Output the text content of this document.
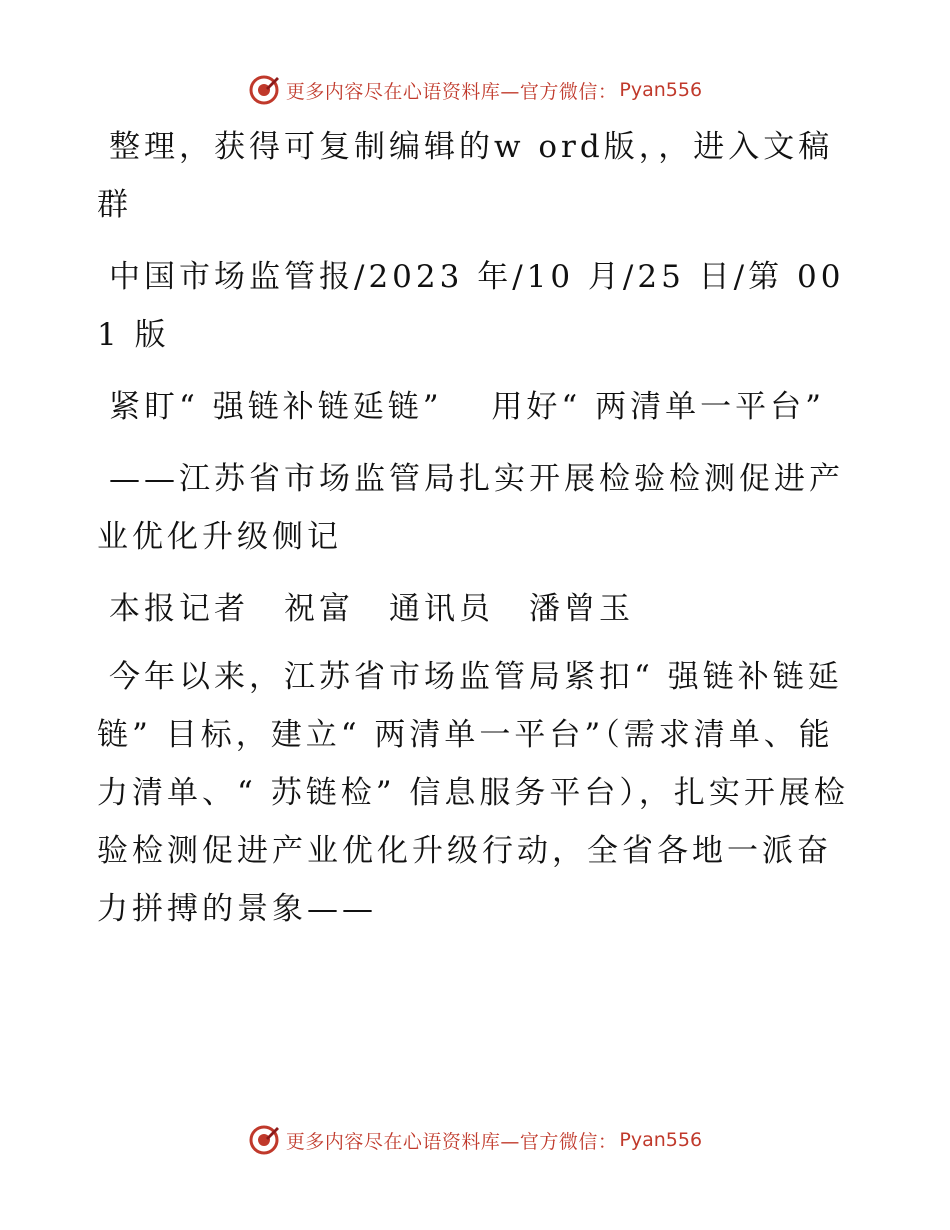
更多内容尽在心语资料库—官方微信： Pyan556

整理，获得可复制编辑的w ord版，，进入文稿群

中国市场监管报/2023 年/10 月/25 日/第 001 版

紧盯“ 强链补链延链”　 用好“ 两清单一平台”

——江苏省市场监管局扎实开展检验检测促进产业优化升级侧记

本报记者　祝富　通讯员　潘曾玉

今年以来，江苏省市场监管局紧扣“ 强链补链延链” 目标，建立“ 两清单一平台”（需求清单、能力清单、“ 苏链检” 信息服务平台），扎实开展检验检测促进产业优化升级行动，全省各地一派奋力拼搏的景象——

更多内容尽在心语资料库—官方微信： Pyan556
